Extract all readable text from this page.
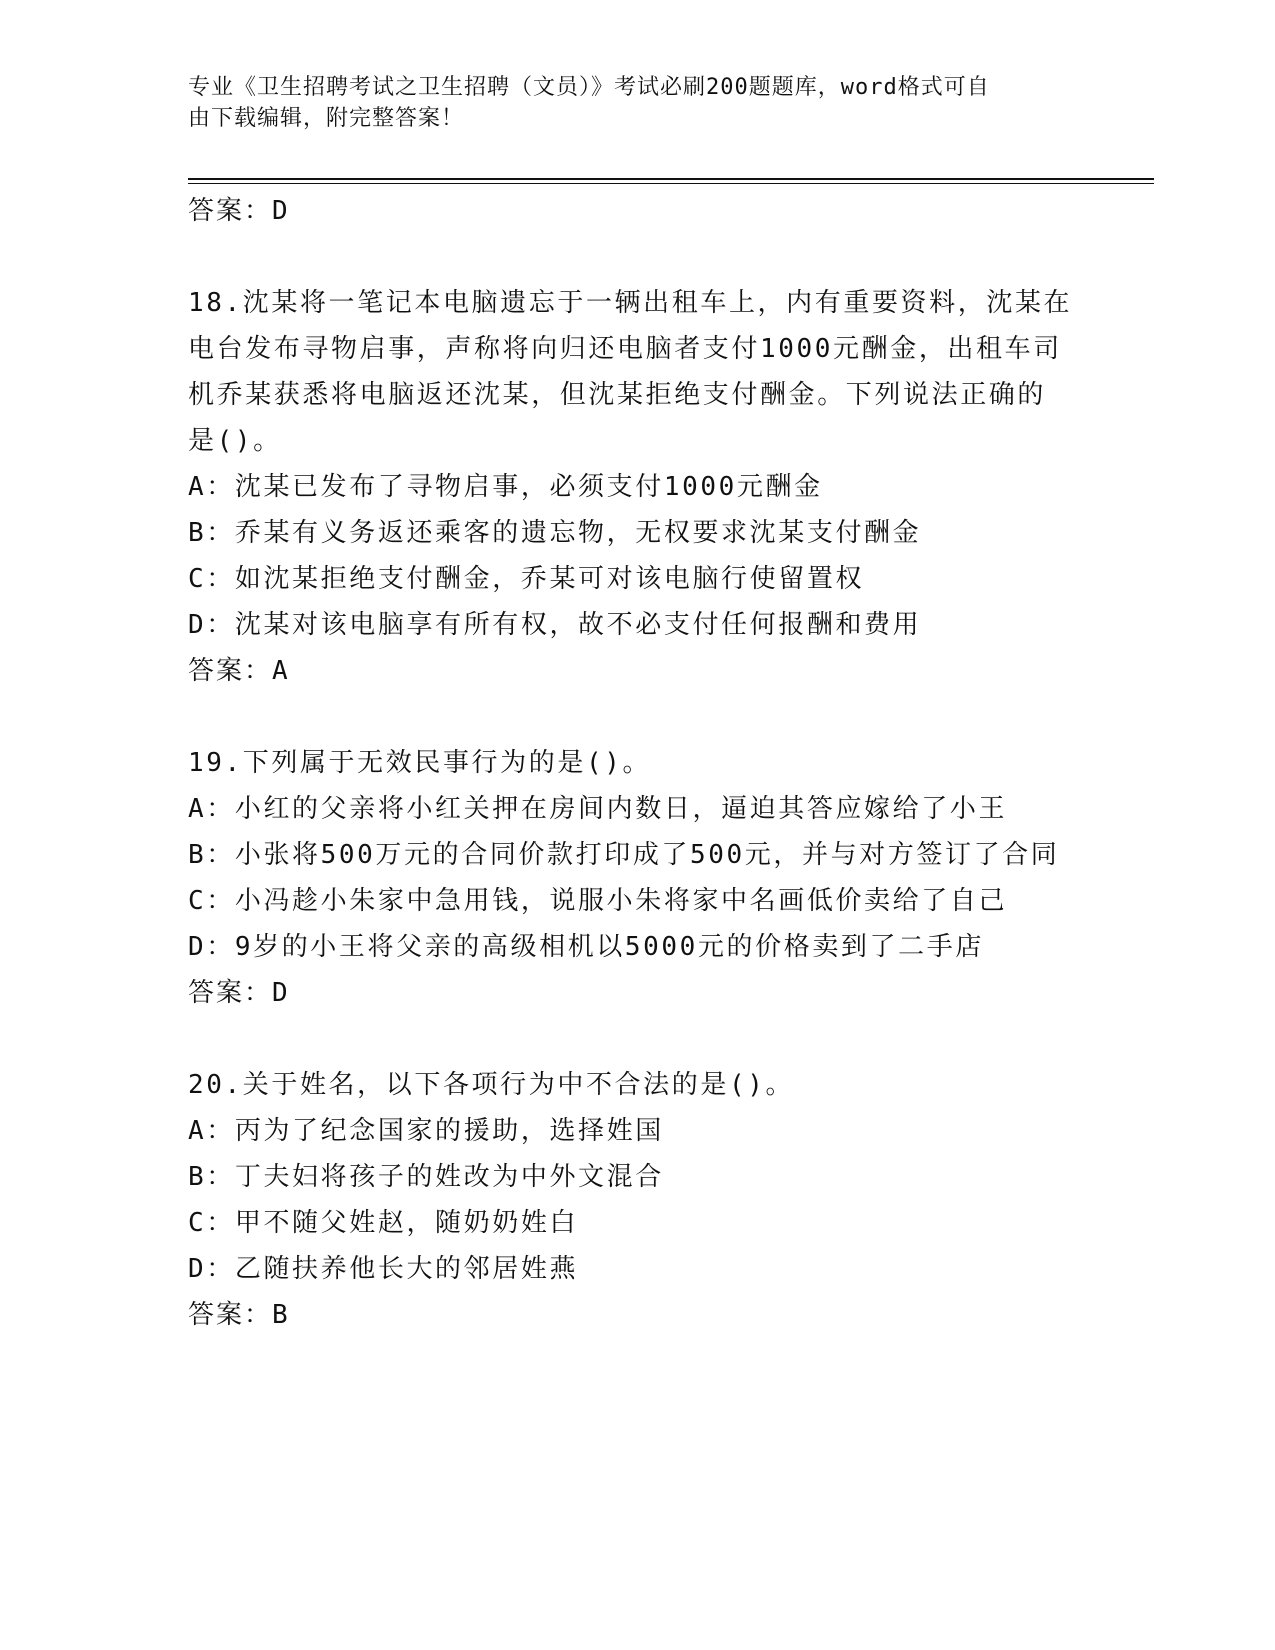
专业《卫生招聘考试之卫生招聘（文员）》考试必刷200题题库，word格式可自
由下载编辑，附完整答案！
答案：D
18.沈某将一笔记本电脑遗忘于一辆出租车上，内有重要资料，沈某在
电台发布寻物启事，声称将向归还电脑者支付1000元酬金，出租车司
机乔某获悉将电脑返还沈某，但沈某拒绝支付酬金。下列说法正确的
是()。
A：沈某已发布了寻物启事，必须支付1000元酬金
B：乔某有义务返还乘客的遗忘物，无权要求沈某支付酬金
C：如沈某拒绝支付酬金，乔某可对该电脑行使留置权
D：沈某对该电脑享有所有权，故不必支付任何报酬和费用
答案：A
19.下列属于无效民事行为的是()。
A：小红的父亲将小红关押在房间内数日，逼迫其答应嫁给了小王
B：小张将500万元的合同价款打印成了500元，并与对方签订了合同
C：小冯趁小朱家中急用钱，说服小朱将家中名画低价卖给了自己
D：9岁的小王将父亲的高级相机以5000元的价格卖到了二手店
答案：D
20.关于姓名，以下各项行为中不合法的是()。
A：丙为了纪念国家的援助，选择姓国
B：丁夫妇将孩子的姓改为中外文混合
C：甲不随父姓赵，随奶奶姓白
D：乙随扶养他长大的邻居姓燕
答案：B
